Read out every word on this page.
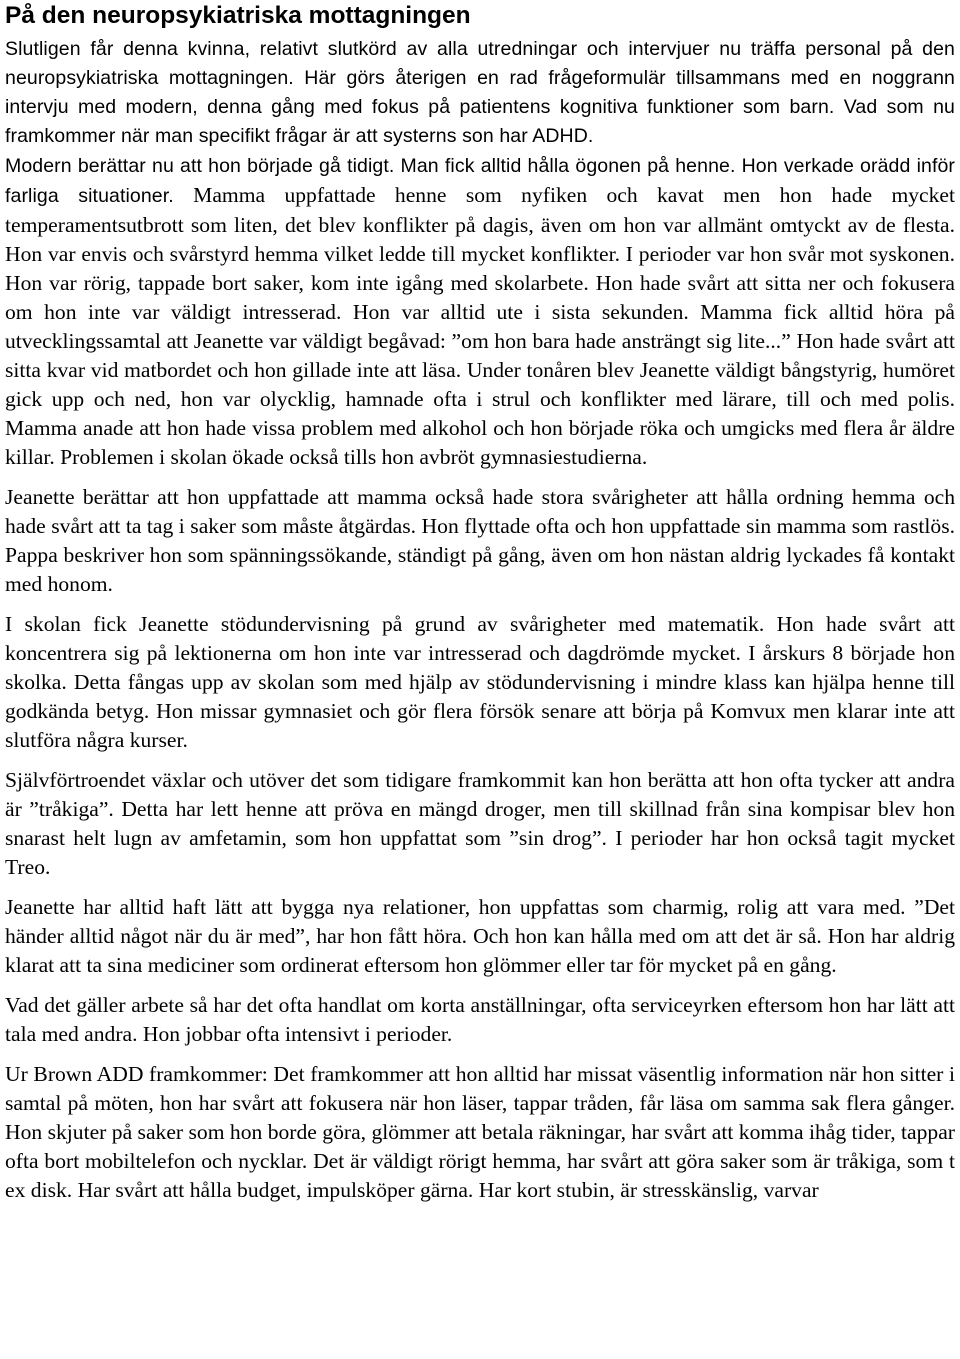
På den neuropsykiatriska mottagningen

Slutligen får denna kvinna, relativt slutkörd av alla utredningar och intervjuer nu träffa personal på den neuropsykiatriska mottagningen. Här görs återigen en rad frågeformulär tillsammans med en noggrann intervju med modern, denna gång med fokus på patientens kognitiva funktioner som barn. Vad som nu framkommer när man specifikt frågar är att systerns son har ADHD.

Modern berättar nu att hon började gå tidigt. Man fick alltid hålla ögonen på henne. Hon verkade orädd inför farliga situationer. Mamma uppfattade henne som nyfiken och kavat men hon hade mycket temperamentsutbrott som liten, det blev konflikter på dagis, även om hon var allmänt omtyckt av de flesta. Hon var envis och svårstyrd hemma vilket ledde till mycket konflikter. I perioder var hon svår mot syskonen. Hon var rörig, tappade bort saker, kom inte igång med skolarbete. Hon hade svårt att sitta ner och fokusera om hon inte var väldigt intresserad. Hon var alltid ute i sista sekunden. Mamma fick alltid höra på utvecklingssamtal att Jeanette var väldigt begåvad: ”om hon bara hade ansträngt sig lite...” Hon hade svårt att sitta kvar vid matbordet och hon gillade inte att läsa. Under tonåren blev Jeanette väldigt bångstyrig, humöret gick upp och ned, hon var olycklig, hamnade ofta i strul och konflikter med lärare, till och med polis. Mamma anade att hon hade vissa problem med alkohol och hon började röka och umgicks med flera år äldre killar. Problemen i skolan ökade också tills hon avbröt gymnasiestudierna.

Jeanette berättar att hon uppfattade att mamma också hade stora svårigheter att hålla ordning hemma och hade svårt att ta tag i saker som måste åtgärdas. Hon flyttade ofta och hon uppfattade sin mamma som rastlös. Pappa beskriver hon som spänningssökande, ständigt på gång, även om hon nästan aldrig lyckades få kontakt med honom.

I skolan fick Jeanette stödundervisning på grund av svårigheter med matematik. Hon hade svårt att koncentrera sig på lektionerna om hon inte var intresserad och dagdrömde mycket. I årskurs 8 började hon skolka. Detta fångas upp av skolan som med hjälp av stödundervisning i mindre klass kan hjälpa henne till godkända betyg. Hon missar gymnasiet och gör flera försök senare att börja på Komvux men klarar inte att slutföra några kurser.

Självförtroendet växlar och utöver det som tidigare framkommit kan hon berätta att hon ofta tycker att andra är ”tråkiga”. Detta har lett henne att pröva en mängd droger, men till skillnad från sina kompisar blev hon snarast helt lugn av amfetamin, som hon uppfattat som ”sin drog”. I perioder har hon också tagit mycket Treo.

Jeanette har alltid haft lätt att bygga nya relationer, hon uppfattas som charmig, rolig att vara med. ”Det händer alltid något när du är med”, har hon fått höra. Och hon kan hålla med om att det är så. Hon har aldrig klarat att ta sina mediciner som ordinerat eftersom hon glömmer eller tar för mycket på en gång.

Vad det gäller arbete så har det ofta handlat om korta anställningar, ofta serviceyrken eftersom hon har lätt att tala med andra. Hon jobbar ofta intensivt i perioder.

Ur Brown ADD framkommer: Det framkommer att hon alltid har missat väsentlig information när hon sitter i samtal på möten, hon har svårt att fokusera när hon läser, tappar tråden, får läsa om samma sak flera gånger. Hon skjuter på saker som hon borde göra, glömmer att betala räkningar, har svårt att komma ihåg tider, tappar ofta bort mobiltelefon och nycklar. Det är väldigt rörigt hemma, har svårt att göra saker som är tråkiga, som t ex disk. Har svårt att hålla budget, impulsköper gärna. Har kort stubin, är stresskänslig, varvar
